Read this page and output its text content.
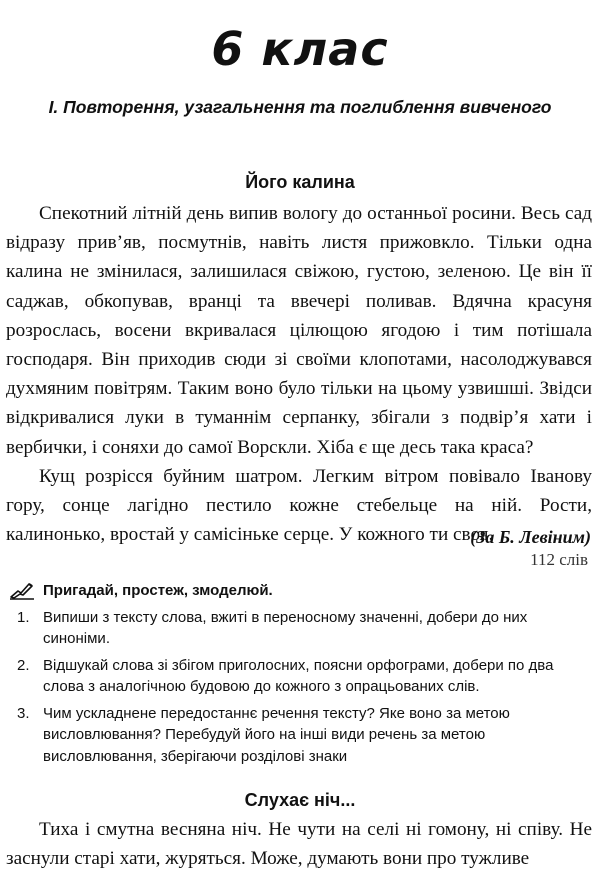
6 клас
І. Повторення, узагальнення та поглиблення вивченого
Його калина

Спекотний літній день випив вологу до останньої росини. Весь сад відразу прив’яв, посмутнів, навіть листя прижовкло. Тільки одна калина не змінилася, залишилася свіжою, густою, зеленою. Це він її саджав, обкопував, вранці та ввечері поливав. Вдячна красуня розрослась, восени вкривалася цілющою ягодою і тим потішала господаря. Він приходив сюди зі своїми клопотами, насолоджувався духмяним повітрям. Таким воно було тільки на цьому узвишші. Звідси відкривалися луки в туманнім серпанку, збігали з подвір’я хати і вербички, і соняхи до самої Ворскли. Хіба є ще десь така краса?

Кущ розрісся буйним шатром. Легким вітром повівало Іванову гору, сонце лагідно пестило кожне стебельце на ній. Рости, калинонько, вростай у самісіньке серце. У кожного ти своя.

(За Б. Левіним)
112 слів
Пригадай, простеж, змоделюй.
1. Випиши з тексту слова, вжиті в переносному значенні, добери до них синоніми.
2. Відшукай слова зі збігом приголосних, поясни орфограми, добери по два слова з аналогічною будовою до кожного з опрацьованих слів.
3. Чим ускладнене передостаннє речення тексту? Яке воно за метою висловлювання? Перебудуй його на інші види речень за метою висловлювання, зберігаючи розділові знаки
Слухає ніч...

Тиха і смутна весняна ніч. Не чути на селі ні гомону, ні співу. Не заснули старі хати, журяться. Може, думають вони про тужливе
